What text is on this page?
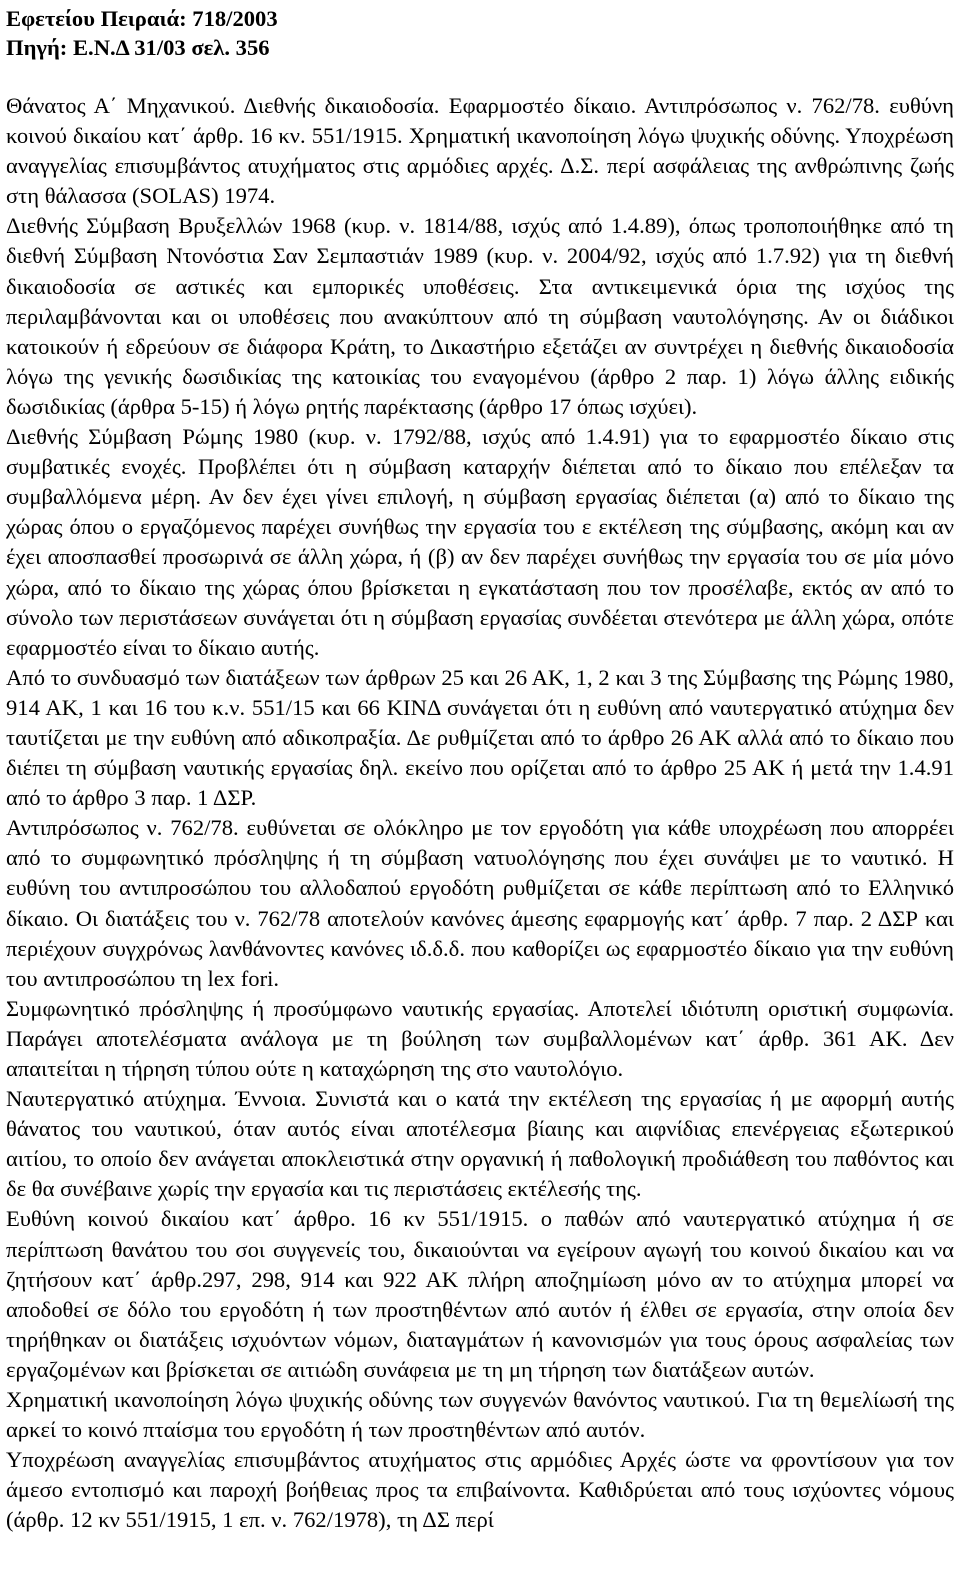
Εφετείου Πειραιά: 718/2003

Πηγή: Ε.Ν.Δ 31/03 σελ. 356

Θάνατος Α΄ Μηχανικού. Διεθνής δικαιοδοσία. Εφαρμοστέο δίκαιο. Αντιπρόσωπος ν. 762/78. ευθύνη κοινού δικαίου κατ΄ άρθρ. 16 κν. 551/1915. Χρηματική ικανοποίηση λόγω ψυχικής οδύνης. Υποχρέωση αναγγελίας επισυμβάντος ατυχήματος στις αρμόδιες αρχές. Δ.Σ. περί ασφάλειας της ανθρώπινης ζωής στη θάλασσα (SOLAS) 1974.

Διεθνής Σύμβαση Βρυξελλών 1968 (κυρ. ν. 1814/88, ισχύς από 1.4.89), όπως τροποποιήθηκε από τη διεθνή Σύμβαση Ντονόστια Σαν Σεμπαστιάν 1989 (κυρ. ν. 2004/92, ισχύς από 1.7.92) για τη διεθνή δικαιοδοσία σε αστικές και εμπορικές υποθέσεις. Στα αντικειμενικά όρια της ισχύος της περιλαμβάνονται και οι υποθέσεις που ανακύπτουν από τη σύμβαση ναυτολόγησης. Αν οι διάδικοι κατοικούν ή εδρεύουν σε διάφορα Κράτη, το Δικαστήριο εξετάζει αν συντρέχει η διεθνής δικαιοδοσία λόγω της γενικής δωσιδικίας της κατοικίας του εναγομένου (άρθρο 2 παρ. 1) λόγω άλλης ειδικής δωσιδικίας (άρθρα 5-15) ή λόγω ρητής παρέκτασης (άρθρο 17 όπως ισχύει).

Διεθνής Σύμβαση Ρώμης 1980 (κυρ. ν. 1792/88, ισχύς από 1.4.91) για το εφαρμοστέο δίκαιο στις συμβατικές ενοχές. Προβλέπει ότι η σύμβαση καταρχήν διέπεται από το δίκαιο που επέλεξαν τα συμβαλλόμενα μέρη. Αν δεν έχει γίνει επιλογή, η σύμβαση εργασίας διέπεται (α) από το δίκαιο της χώρας όπου ο εργαζόμενος παρέχει συνήθως την εργασία του ε εκτέλεση της σύμβασης, ακόμη και αν έχει αποσπασθεί προσωρινά σε άλλη χώρα, ή (β) αν δεν παρέχει συνήθως την εργασία του σε μία μόνο χώρα, από το δίκαιο της χώρας όπου βρίσκεται η εγκατάσταση που τον προσέλαβε, εκτός αν από το σύνολο των περιστάσεων συνάγεται ότι η σύμβαση εργασίας συνδέεται στενότερα με άλλη χώρα, οπότε εφαρμοστέο είναι το δίκαιο αυτής.

Από το συνδυασμό των διατάξεων των άρθρων 25 και 26 ΑΚ, 1, 2 και 3 της Σύμβασης της Ρώμης 1980, 914 ΑΚ, 1 και 16 του κ.ν. 551/15 και 66 ΚΙΝΔ συνάγεται ότι η ευθύνη από ναυτεργατικό ατύχημα δεν ταυτίζεται με την ευθύνη από αδικοπραξία. Δε ρυθμίζεται από το άρθρο 26 ΑΚ αλλά από το δίκαιο που διέπει τη σύμβαση ναυτικής εργασίας δηλ. εκείνο που ορίζεται από το άρθρο 25 ΑΚ ή μετά την 1.4.91 από το άρθρο 3 παρ. 1 ΔΣΡ.

Αντιπρόσωπος ν. 762/78. ευθύνεται σε ολόκληρο με τον εργοδότη για κάθε υποχρέωση που απορρέει από το συμφωνητικό πρόσληψης ή τη σύμβαση νατυολόγησης που έχει συνάψει με το ναυτικό. Η ευθύνη του αντιπροσώπου του αλλοδαπού εργοδότη ρυθμίζεται σε κάθε περίπτωση από το Ελληνικό δίκαιο. Οι διατάξεις του ν. 762/78 αποτελούν κανόνες άμεσης εφαρμογής κατ΄ άρθρ. 7 παρ. 2 ΔΣΡ και περιέχουν συγχρόνως λανθάνοντες κανόνες ιδ.δ.δ. που καθορίζει ως εφαρμοστέο δίκαιο για την ευθύνη του αντιπροσώπου τη lex fori.

Συμφωνητικό πρόσληψης ή προσύμφωνο ναυτικής εργασίας. Αποτελεί ιδιότυπη οριστική συμφωνία. Παράγει αποτελέσματα ανάλογα με τη βούληση των συμβαλλομένων κατ΄ άρθρ. 361 ΑΚ. Δεν απαιτείται η τήρηση τύπου ούτε η καταχώρηση της στο ναυτολόγιο.

Ναυτεργατικό ατύχημα. Έννοια. Συνιστά και ο κατά την εκτέλεση της εργασίας ή με αφορμή αυτής θάνατος του ναυτικού, όταν αυτός είναι αποτέλεσμα βίαιης και αιφνίδιας επενέργειας εξωτερικού αιτίου, το οποίο δεν ανάγεται αποκλειστικά στην οργανική ή παθολογική προδιάθεση του παθόντος και δε θα συνέβαινε χωρίς την εργασία και τις περιστάσεις εκτέλεσής της.

Ευθύνη κοινού δικαίου κατ΄ άρθρο. 16 κν 551/1915. ο παθών από ναυτεργατικό ατύχημα ή σε περίπτωση θανάτου του σοι συγγενείς του, δικαιούνται να εγείρουν αγωγή του κοινού δικαίου και να ζητήσουν κατ΄ άρθρ.297, 298, 914 και 922 ΑΚ πλήρη αποζημίωση μόνο αν το ατύχημα μπορεί να αποδοθεί σε δόλο του εργοδότη ή των προστηθέντων από αυτόν ή έλθει σε εργασία, στην οποία δεν τηρήθηκαν οι διατάξεις ισχυόντων νόμων, διαταγμάτων ή κανονισμών για τους όρους ασφαλείας των εργαζομένων και βρίσκεται σε αιτιώδη συνάφεια με τη μη τήρηση των διατάξεων αυτών.

Χρηματική ικανοποίηση λόγω ψυχικής οδύνης των συγγενών θανόντος ναυτικού. Για τη θεμελίωσή της αρκεί το κοινό πταίσμα του εργοδότη ή των προστηθέντων από αυτόν.

Υποχρέωση αναγγελίας επισυμβάντος ατυχήματος στις αρμόδιες Αρχές ώστε να φροντίσουν για τον άμεσο εντοπισμό και παροχή βοήθειας προς τα επιβαίνοντα. Καθιδρύεται από τους ισχύοντες νόμους (άρθρ. 12 κν 551/1915, 1 επ. ν. 762/1978), τη ΔΣ περί
